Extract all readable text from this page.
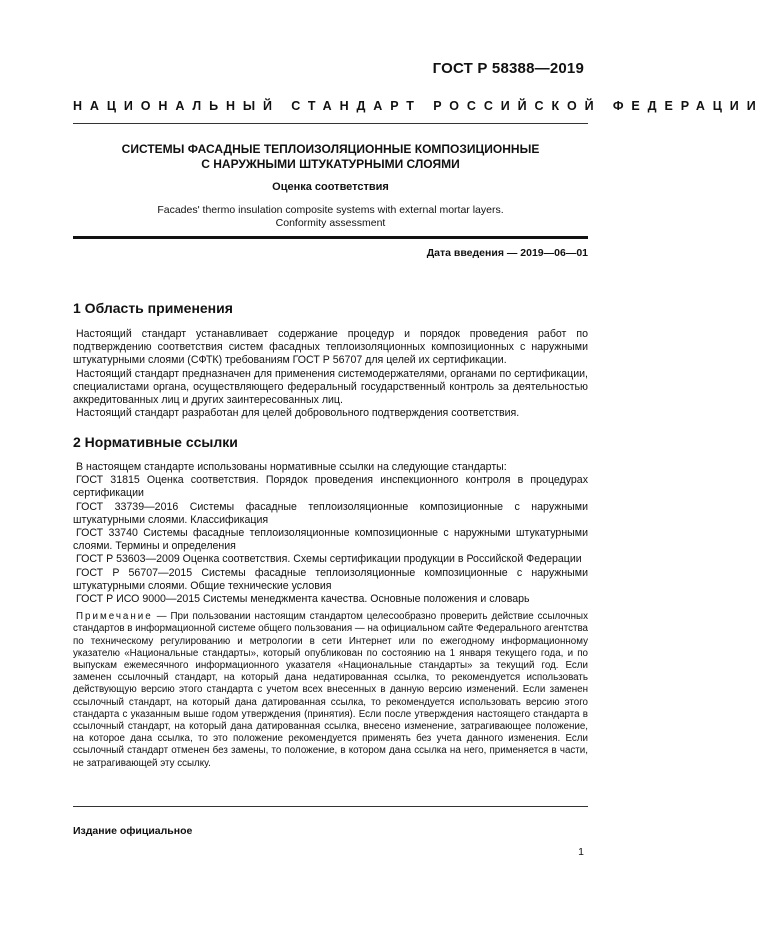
ГОСТ Р 58388—2019
НАЦИОНАЛЬНЫЙ СТАНДАРТ РОССИЙСКОЙ ФЕДЕРАЦИИ
СИСТЕМЫ ФАСАДНЫЕ ТЕПЛОИЗОЛЯЦИОННЫЕ КОМПОЗИЦИОННЫЕ
С НАРУЖНЫМИ ШТУКАТУРНЫМИ СЛОЯМИ
Оценка соответствия
Facades' thermo insulation composite systems with external mortar layers.
Conformity assessment
Дата введения — 2019—06—01
1 Область применения

Настоящий стандарт устанавливает содержание процедур и порядок проведения работ по подтверждению соответствия систем фасадных теплоизоляционных композиционных с наружными штукатурными слоями (СФТК) требованиям ГОСТ Р 56707 для целей их сертификации.

Настоящий стандарт предназначен для применения системодержателями, органами по сертификации, специалистами органа, осуществляющего федеральный государственный контроль за деятельностью аккредитованных лиц и других заинтересованных лиц.

Настоящий стандарт разработан для целей добровольного подтверждения соответствия.

2 Нормативные ссылки

В настоящем стандарте использованы нормативные ссылки на следующие стандарты:

ГОСТ 31815 Оценка соответствия. Порядок проведения инспекционного контроля в процедурах сертификации

ГОСТ 33739—2016 Системы фасадные теплоизоляционные композиционные с наружными штукатурными слоями. Классификация

ГОСТ 33740 Системы фасадные теплоизоляционные композиционные с наружными штукатурными слоями. Термины и определения

ГОСТ Р 53603—2009 Оценка соответствия. Схемы сертификации продукции в Российской Федерации

ГОСТ Р 56707—2015 Системы фасадные теплоизоляционные композиционные с наружными штукатурными слоями. Общие технические условия

ГОСТ Р ИСО 9000—2015 Системы менеджмента качества. Основные положения и словарь

Примечание — При пользовании настоящим стандартом целесообразно проверить действие ссылочных стандартов в информационной системе общего пользования — на официальном сайте Федерального агентства по техническому регулированию и метрологии в сети Интернет или по ежегодному информационному указателю «Национальные стандарты», который опубликован по состоянию на 1 января текущего года, и по выпускам ежемесячного информационного указателя «Национальные стандарты» за текущий год. Если заменен ссылочный стандарт, на который дана недатированная ссылка, то рекомендуется использовать действующую версию этого стандарта с учетом всех внесенных в данную версию изменений. Если заменен ссылочный стандарт, на который дана датированная ссылка, то рекомендуется использовать версию этого стандарта с указанным выше годом утверждения (принятия). Если после утверждения настоящего стандарта в ссылочный стандарт, на который дана датированная ссылка, внесено изменение, затрагивающее положение, на которое дана ссылка, то это положение рекомендуется применять без учета данного изменения. Если ссылочный стандарт отменен без замены, то положение, в котором дана ссылка на него, применяется в части, не затрагивающей эту ссылку.

Издание официальное
1
